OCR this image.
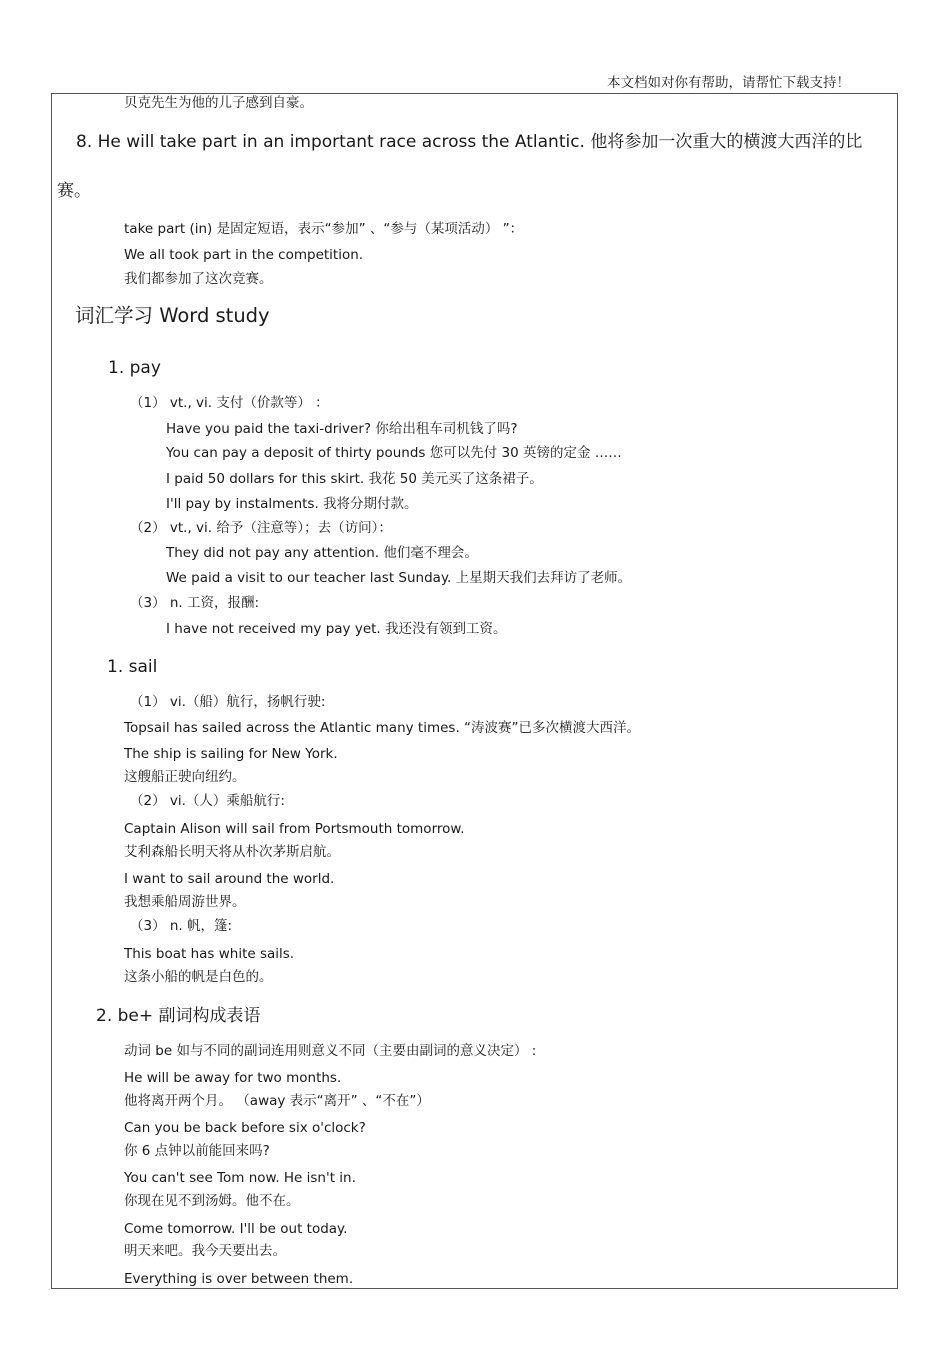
本文档如对你有帮助，请帮忙下载支持！
贝克先生为他的儿子感到自豪。
8. He will take part in an important race across the Atlantic. 他将参加一次重大的横渡大西洋的比
赛。
take part (in) 是固定短语，表示“参加” 、“参与（某项活动） ”：
We all took part in the competition.
我们都参加了这次竞赛。
词汇学习 Word study
1. pay
（1） vt., vi. 支付（价款等） ：
Have you paid the taxi-driver? 你给出租车司机钱了吗?
You can pay a deposit of thirty pounds 您可以先付 30 英镑的定金 ……
I paid 50 dollars for this skirt. 我花 50 美元买了这条裙子。
I'll pay by instalments. 我将分期付款。
（2） vt., vi. 给予（注意等）；去（访问）：
They did not pay any attention. 他们毫不理会。
We paid a visit to our teacher last Sunday. 上星期天我们去拜访了老师。
（3） n. 工资，报酬:
I have not received my pay yet. 我还没有领到工资。
1. sail
（1） vi.（船）航行，扬帆行驶:
Topsail has sailed across the Atlantic many times. “涛波赛”已多次横渡大西洋。
The ship is sailing for New York.
这艘船正驶向纽约。
（2） vi.（人）乘船航行:
Captain Alison will sail from Portsmouth tomorrow.
艾利森船长明天将从朴次茅斯启航。
I want to sail around the world.
我想乘船周游世界。
（3） n. 帆，篷:
This boat has white sails.
这条小船的帆是白色的。
2. be+ 副词构成表语
动词 be 如与不同的副词连用则意义不同（主要由副词的意义决定） :
He will be away for two months.
他将离开两个月。 （away 表示“离开” 、“不在”）
Can you be back before six o'clock?
你 6 点钟以前能回来吗?
You can't see Tom now. He isn't in.
你现在见不到汤姆。他不在。
Come tomorrow. I'll be out today.
明天来吧。我今天要出去。
Everything is over between them.
